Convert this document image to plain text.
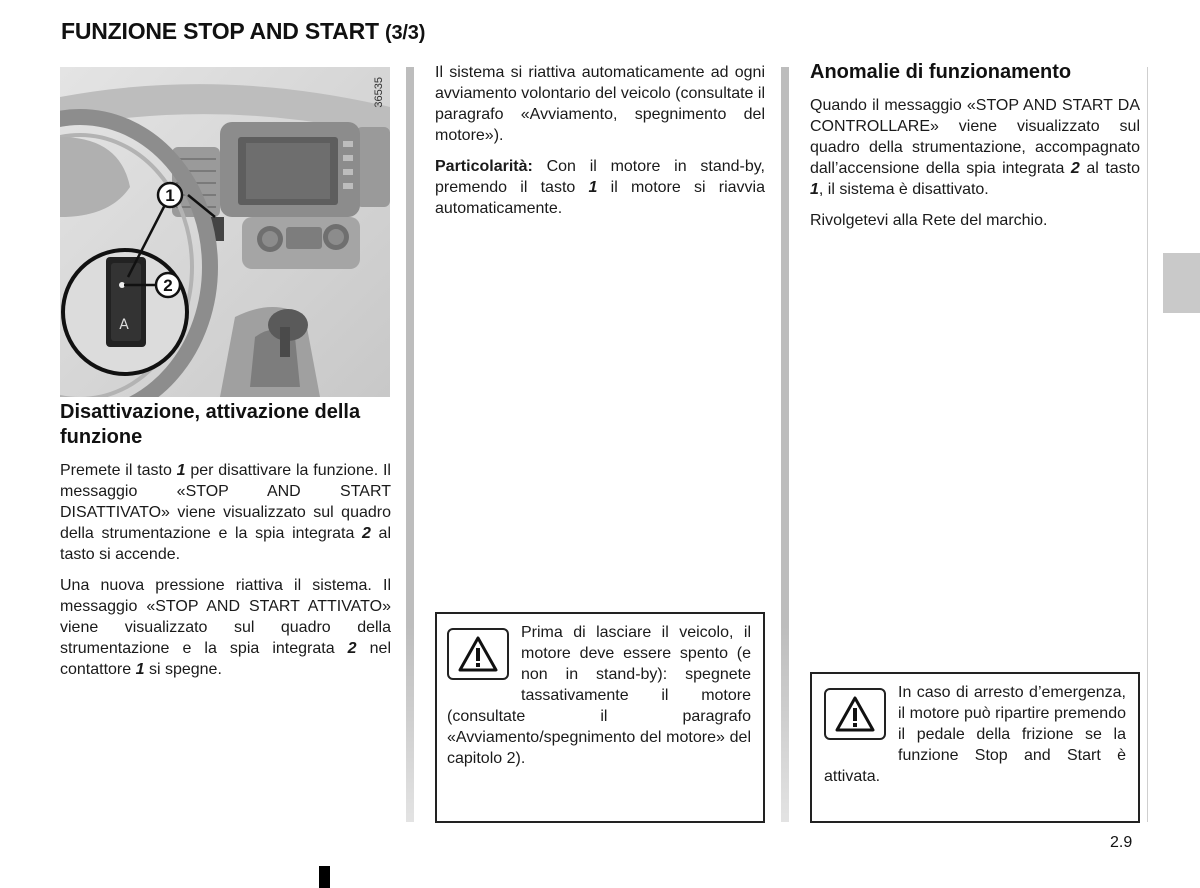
FUNZIONE STOP AND START (3/3)
36535
A
1
2
Disattivazione, attivazione della funzione

Premete il tasto 1 per disattivare la funzione. Il messaggio «STOP AND START DISATTIVATO» viene visualizzato sul quadro della strumentazione e la spia integrata 2 al tasto si accende.

Una nuova pressione riattiva il sistema. Il messaggio «STOP AND START ATTIVATO» viene visualizzato sul quadro della strumentazione e la spia integrata 2 nel contattore 1 si spegne.

Il sistema si riattiva automaticamente ad ogni avviamento volontario del veicolo (consultate il paragrafo «Avviamento, spegnimento del motore»).

Particolarità: Con il motore in stand-by, premendo il tasto 1 il motore si riavvia automaticamente.

Prima di lasciare il veicolo, il motore deve essere spento (e non in stand-by): spegnete tassativamente il motore (consultate il paragrafo «Avviamento/spegnimento del motore» del capitolo 2).
Anomalie di funzionamento

Quando il messaggio «STOP AND START DA CONTROLLARE» viene visualizzato sul quadro della strumentazione, accompagnato dall’accensione della spia integrata 2 al tasto 1, il sistema è disattivato.

Rivolgetevi alla Rete del marchio.

In caso di arresto d’emergenza, il motore può ripartire premendo il pedale della frizione se la funzione Stop and Start è attivata.
2.9
